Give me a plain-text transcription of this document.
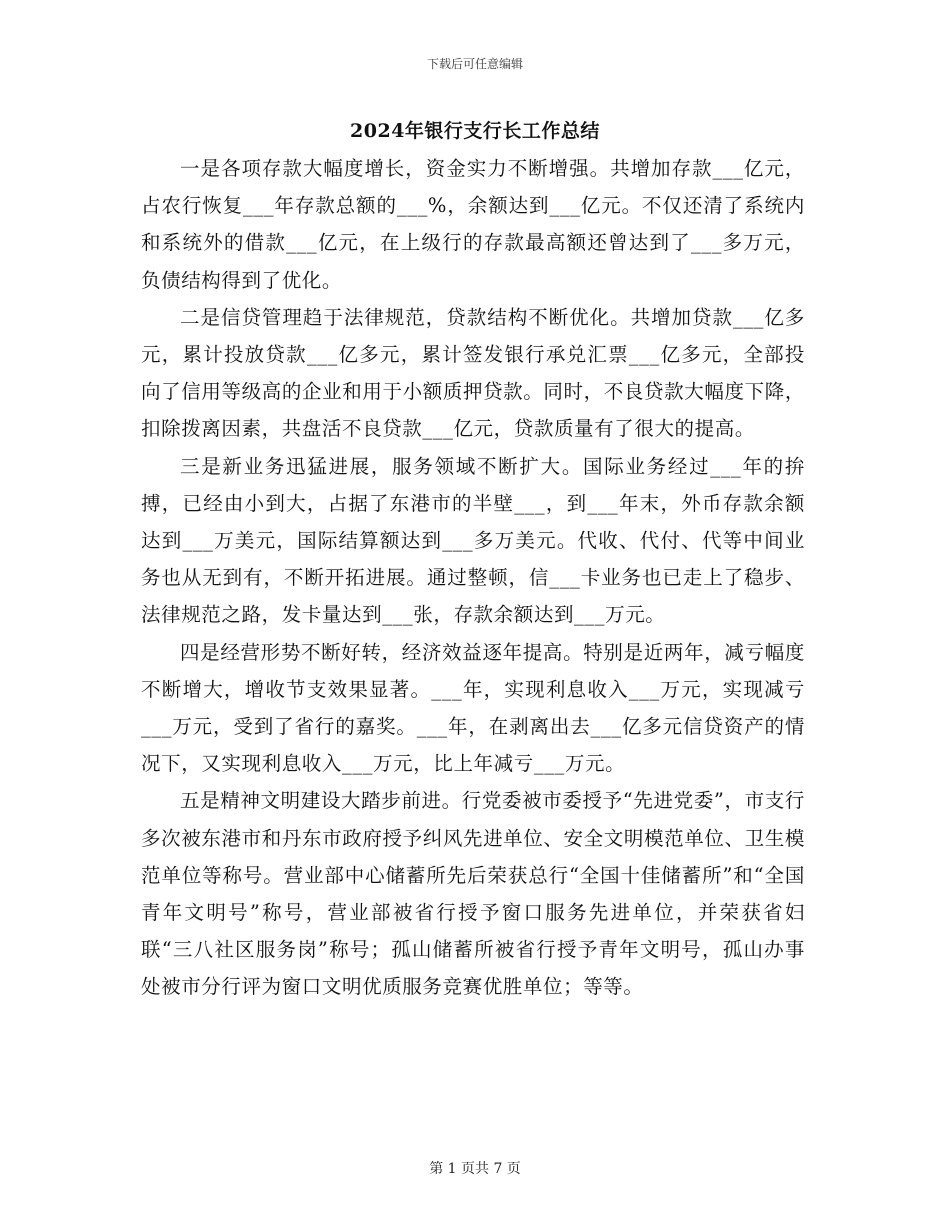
下载后可任意编辑
2024年银行支行长工作总结

一是各项存款大幅度增长，资金实力不断增强。共增加存款___亿元，占农行恢复___年存款总额的___%，余额达到___亿元。不仅还清了系统内和系统外的借款___亿元，在上级行的存款最高额还曾达到了___多万元，负债结构得到了优化。

二是信贷管理趋于法律规范，贷款结构不断优化。共增加贷款___亿多元，累计投放贷款___亿多元，累计签发银行承兑汇票___亿多元，全部投向了信用等级高的企业和用于小额质押贷款。同时，不良贷款大幅度下降，扣除拨离因素，共盘活不良贷款___亿元，贷款质量有了很大的提高。

三是新业务迅猛进展，服务领域不断扩大。国际业务经过___年的拚搏，已经由小到大，占据了东港市的半壁___，到___年末，外币存款余额达到___万美元，国际结算额达到___多万美元。代收、代付、代等中间业务也从无到有，不断开拓进展。通过整顿，信___卡业务也已走上了稳步、法律规范之路，发卡量达到___张，存款余额达到___万元。

四是经营形势不断好转，经济效益逐年提高。特别是近两年，减亏幅度不断增大，增收节支效果显著。___年，实现利息收入___万元，实现减亏___万元，受到了省行的嘉奖。___年，在剥离出去___亿多元信贷资产的情况下，又实现利息收入___万元，比上年减亏___万元。

五是精神文明建设大踏步前进。行党委被市委授予“先进党委”，市支行多次被东港市和丹东市政府授予纠风先进单位、安全文明模范单位、卫生模范单位等称号。营业部中心储蓄所先后荣获总行“全国十佳储蓄所”和“全国青年文明号”称号，营业部被省行授予窗口服务先进单位，并荣获省妇联“三八社区服务岗”称号；孤山储蓄所被省行授予青年文明号，孤山办事处被市分行评为窗口文明优质服务竞赛优胜单位；等等。

第 1 页共 7 页
